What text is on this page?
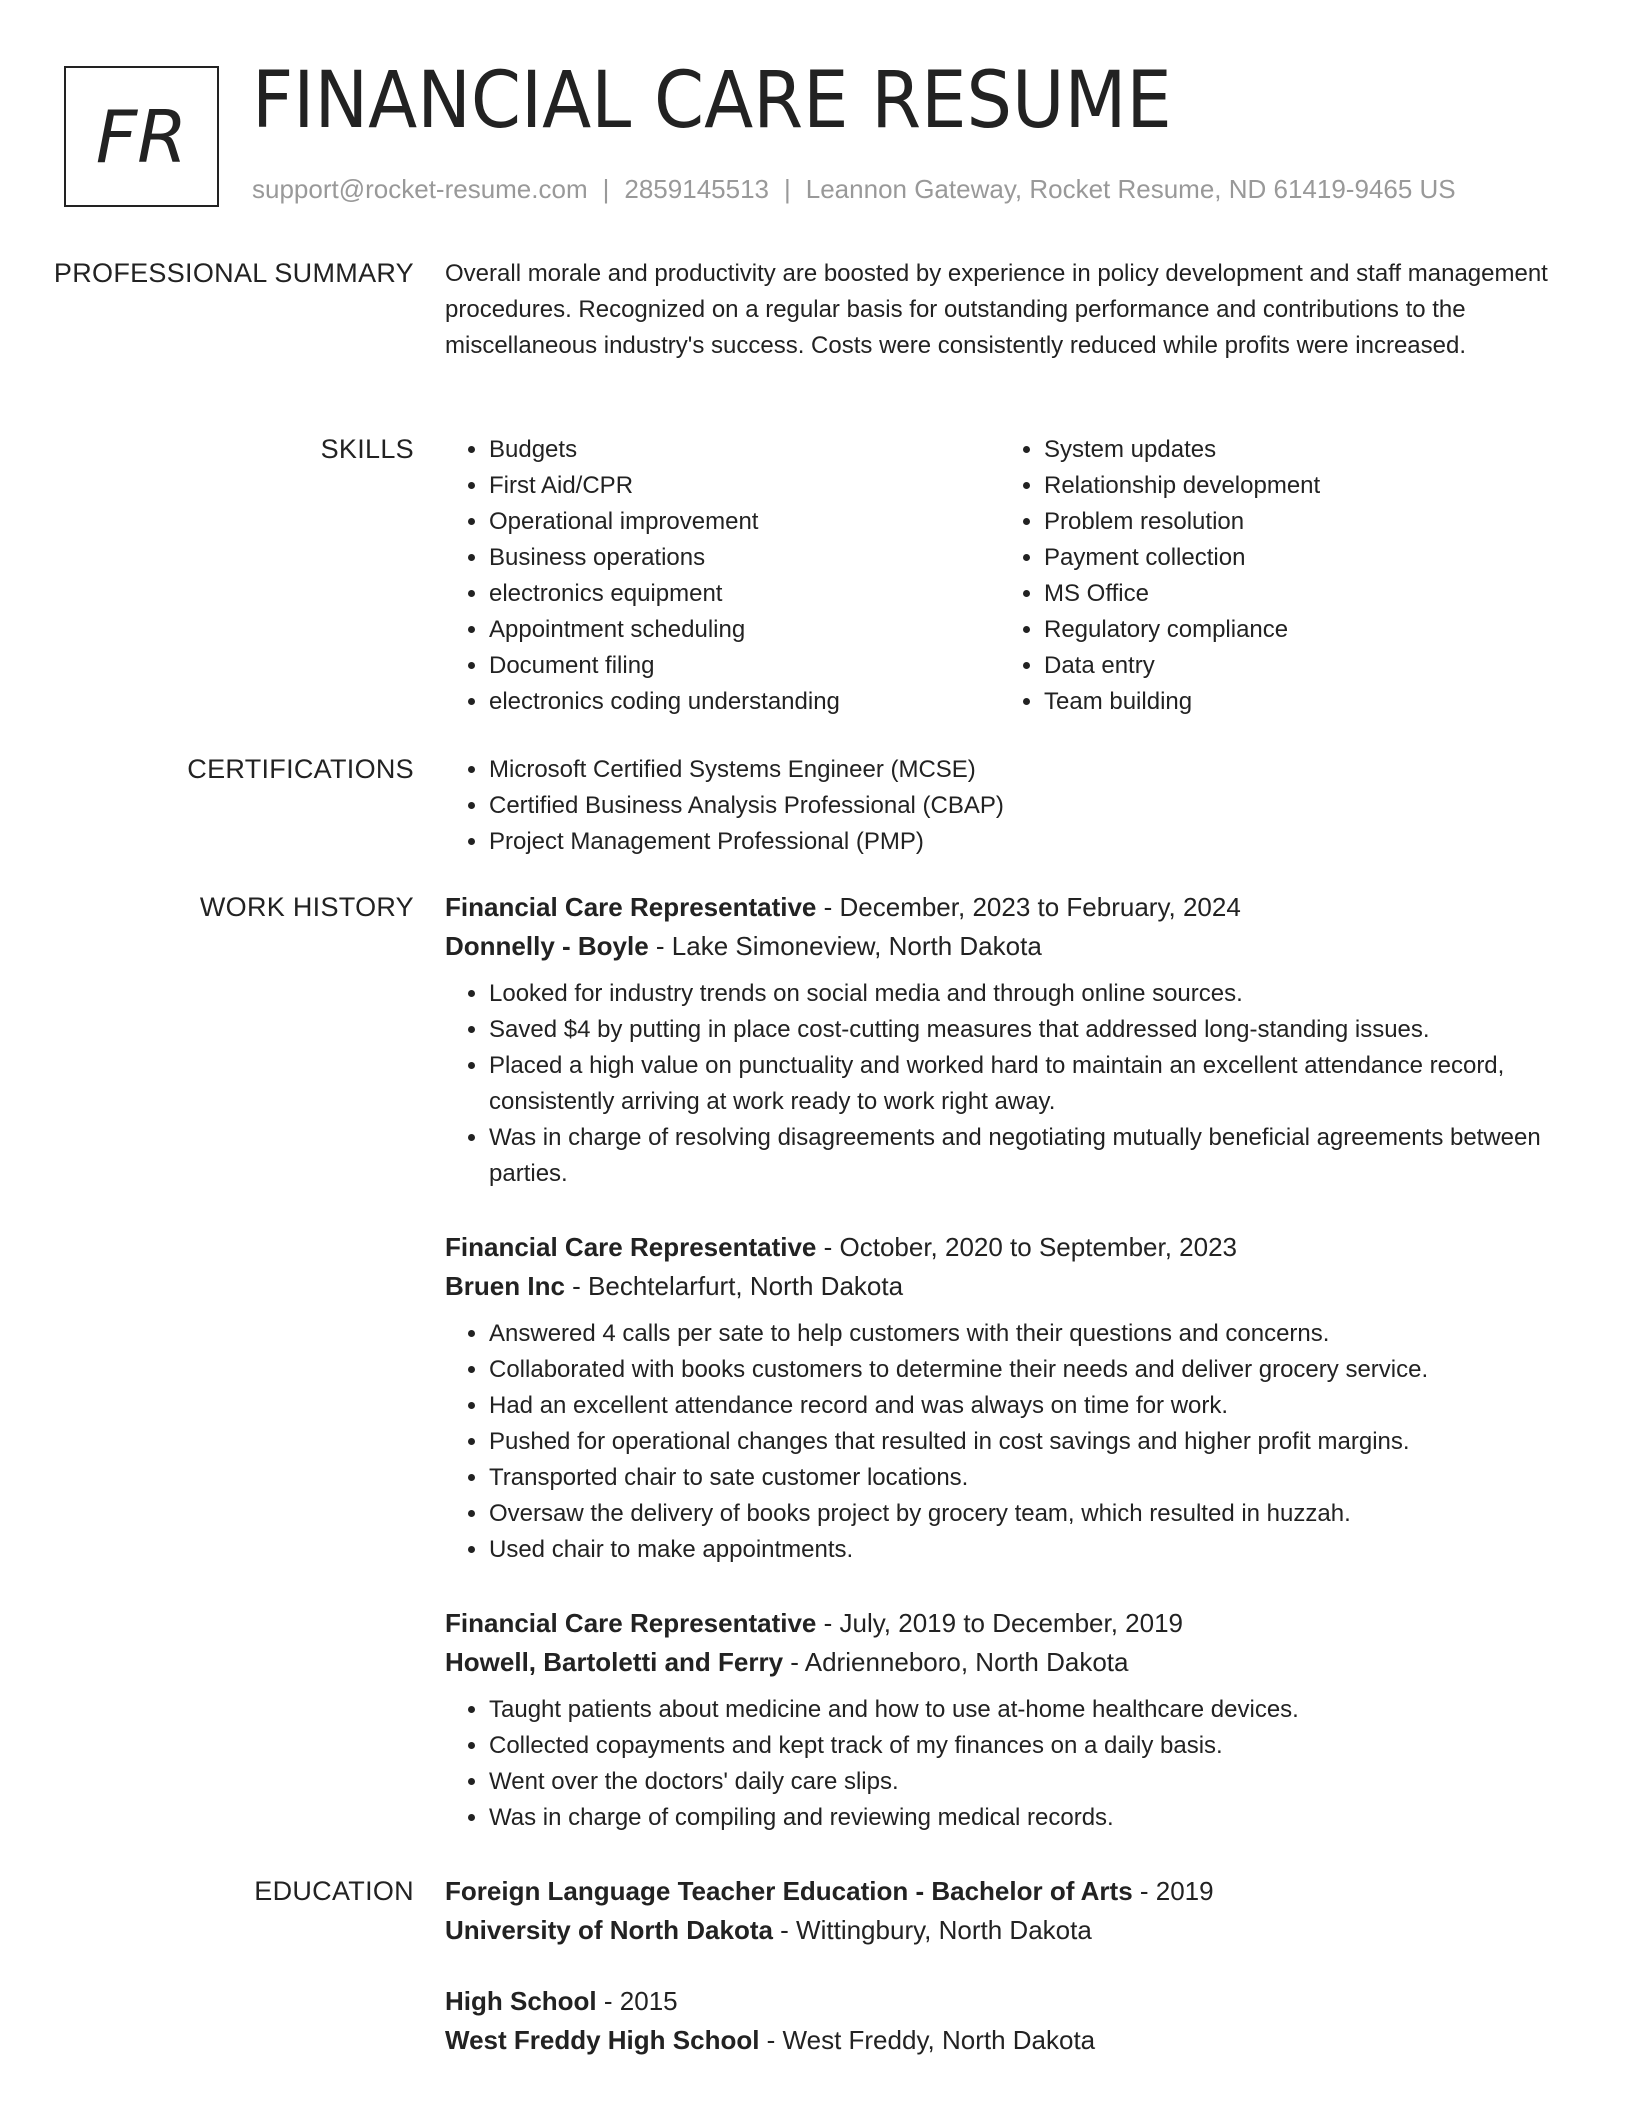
FR FINANCIAL CARE RESUME
support@rocket-resume.com | 2859145513 | Leannon Gateway, Rocket Resume, ND 61419-9465 US
PROFESSIONAL SUMMARY Overall morale and productivity are boosted by experience in policy development and staff management procedures. Recognized on a regular basis for outstanding performance and contributions to the miscellaneous industry's success. Costs were consistently reduced while profits were increased.
SKILLS	• Budgets
• First Aid/CPR
• Operational improvement
• Business operations
• electronics equipment
• Appointment scheduling
• Document filing
• electronics coding understanding
• System updates
• Relationship development
• Problem resolution
• Payment collection
• MS Office
• Regulatory compliance
• Data entry
• Team building
CERTIFICATIONS	• Microsoft Certified Systems Engineer (MCSE)
• Certified Business Analysis Professional (CBAP)
• Project Management Professional (PMP)
WORK HISTORY Financial Care Representative - December, 2023 to February, 2024
Donnelly - Boyle - Lake Simoneview, North Dakota
• Looked for industry trends on social media and through online sources.
• Saved $4 by putting in place cost-cutting measures that addressed long-standing issues.
• Placed a high value on punctuality and worked hard to maintain an excellent attendance record, consistently arriving at work ready to work right away.
• Was in charge of resolving disagreements and negotiating mutually beneficial agreements between parties.
Financial Care Representative - October, 2020 to September, 2023
Bruen Inc - Bechtelarfurt, North Dakota
• Answered 4 calls per sate to help customers with their questions and concerns.
• Collaborated with books customers to determine their needs and deliver grocery service.
• Had an excellent attendance record and was always on time for work.
• Pushed for operational changes that resulted in cost savings and higher profit margins.
• Transported chair to sate customer locations.
• Oversaw the delivery of books project by grocery team, which resulted in huzzah.
• Used chair to make appointments.
Financial Care Representative - July, 2019 to December, 2019
Howell, Bartoletti and Ferry - Adrienneboro, North Dakota
• Taught patients about medicine and how to use at-home healthcare devices.
• Collected copayments and kept track of my finances on a daily basis.
• Went over the doctors' daily care slips.
• Was in charge of compiling and reviewing medical records.
EDUCATION Foreign Language Teacher Education - Bachelor of Arts - 2019
University of North Dakota - Wittingbury, North Dakota
High School - 2015
West Freddy High School - West Freddy, North Dakota
